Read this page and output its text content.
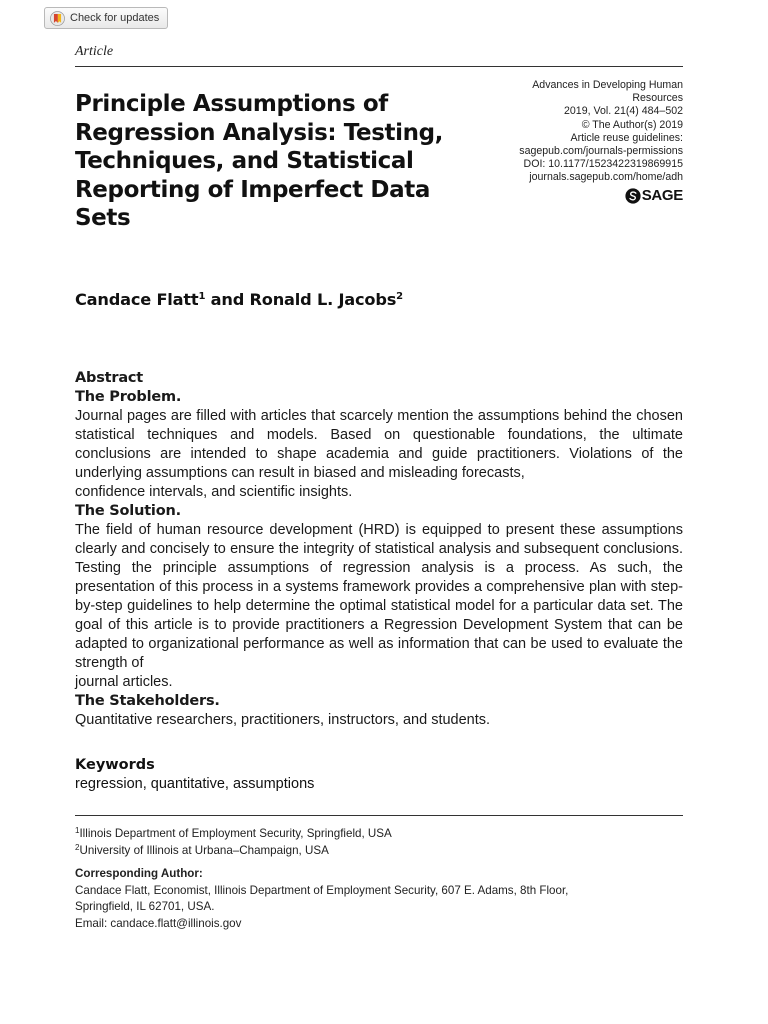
Check for updates
Article
Advances in Developing Human Resources
2019, Vol. 21(4) 484–502
© The Author(s) 2019
Article reuse guidelines:
sagepub.com/journals-permissions
DOI: 10.1177/1523422319869915
journals.sagepub.com/home/adh
SAGE
Principle Assumptions of Regression Analysis: Testing, Techniques, and Statistical Reporting of Imperfect Data Sets
Candace Flatt$^1$ and Ronald L. Jacobs$^2$
Abstract
The Problem.

Journal pages are filled with articles that scarcely mention the assumptions behind the chosen statistical techniques and models. Based on questionable foundations, the ultimate conclusions are intended to shape academia and guide practitioners. Violations of the underlying assumptions can result in biased and misleading forecasts,

confidence intervals, and scientific insights.

The Solution.

The field of human resource development (HRD) is equipped to present these assumptions clearly and concisely to ensure the integrity of statistical analysis and subsequent conclusions. Testing the principle assumptions of regression analysis is a process. As such, the presentation of this process in a systems framework provides a comprehensive plan with step-by-step guidelines to help determine the optimal statistical model for a particular data set. The goal of this article is to provide practitioners a Regression Development System that can be adapted to organizational performance as well as information that can be used to evaluate the strength of

journal articles.

The Stakeholders.

Quantitative researchers, practitioners, instructors, and students.

Keywords

regression, quantitative, assumptions

$^1$Illinois Department of Employment Security, Springfield, USA
$^2$University of Illinois at Urbana–Champaign, USA
Corresponding Author:
Candace Flatt, Economist, Illinois Department of Employment Security, 607 E. Adams, 8th Floor,
Springfield, IL 62701, USA.
Email: candace.flatt@illinois.gov
